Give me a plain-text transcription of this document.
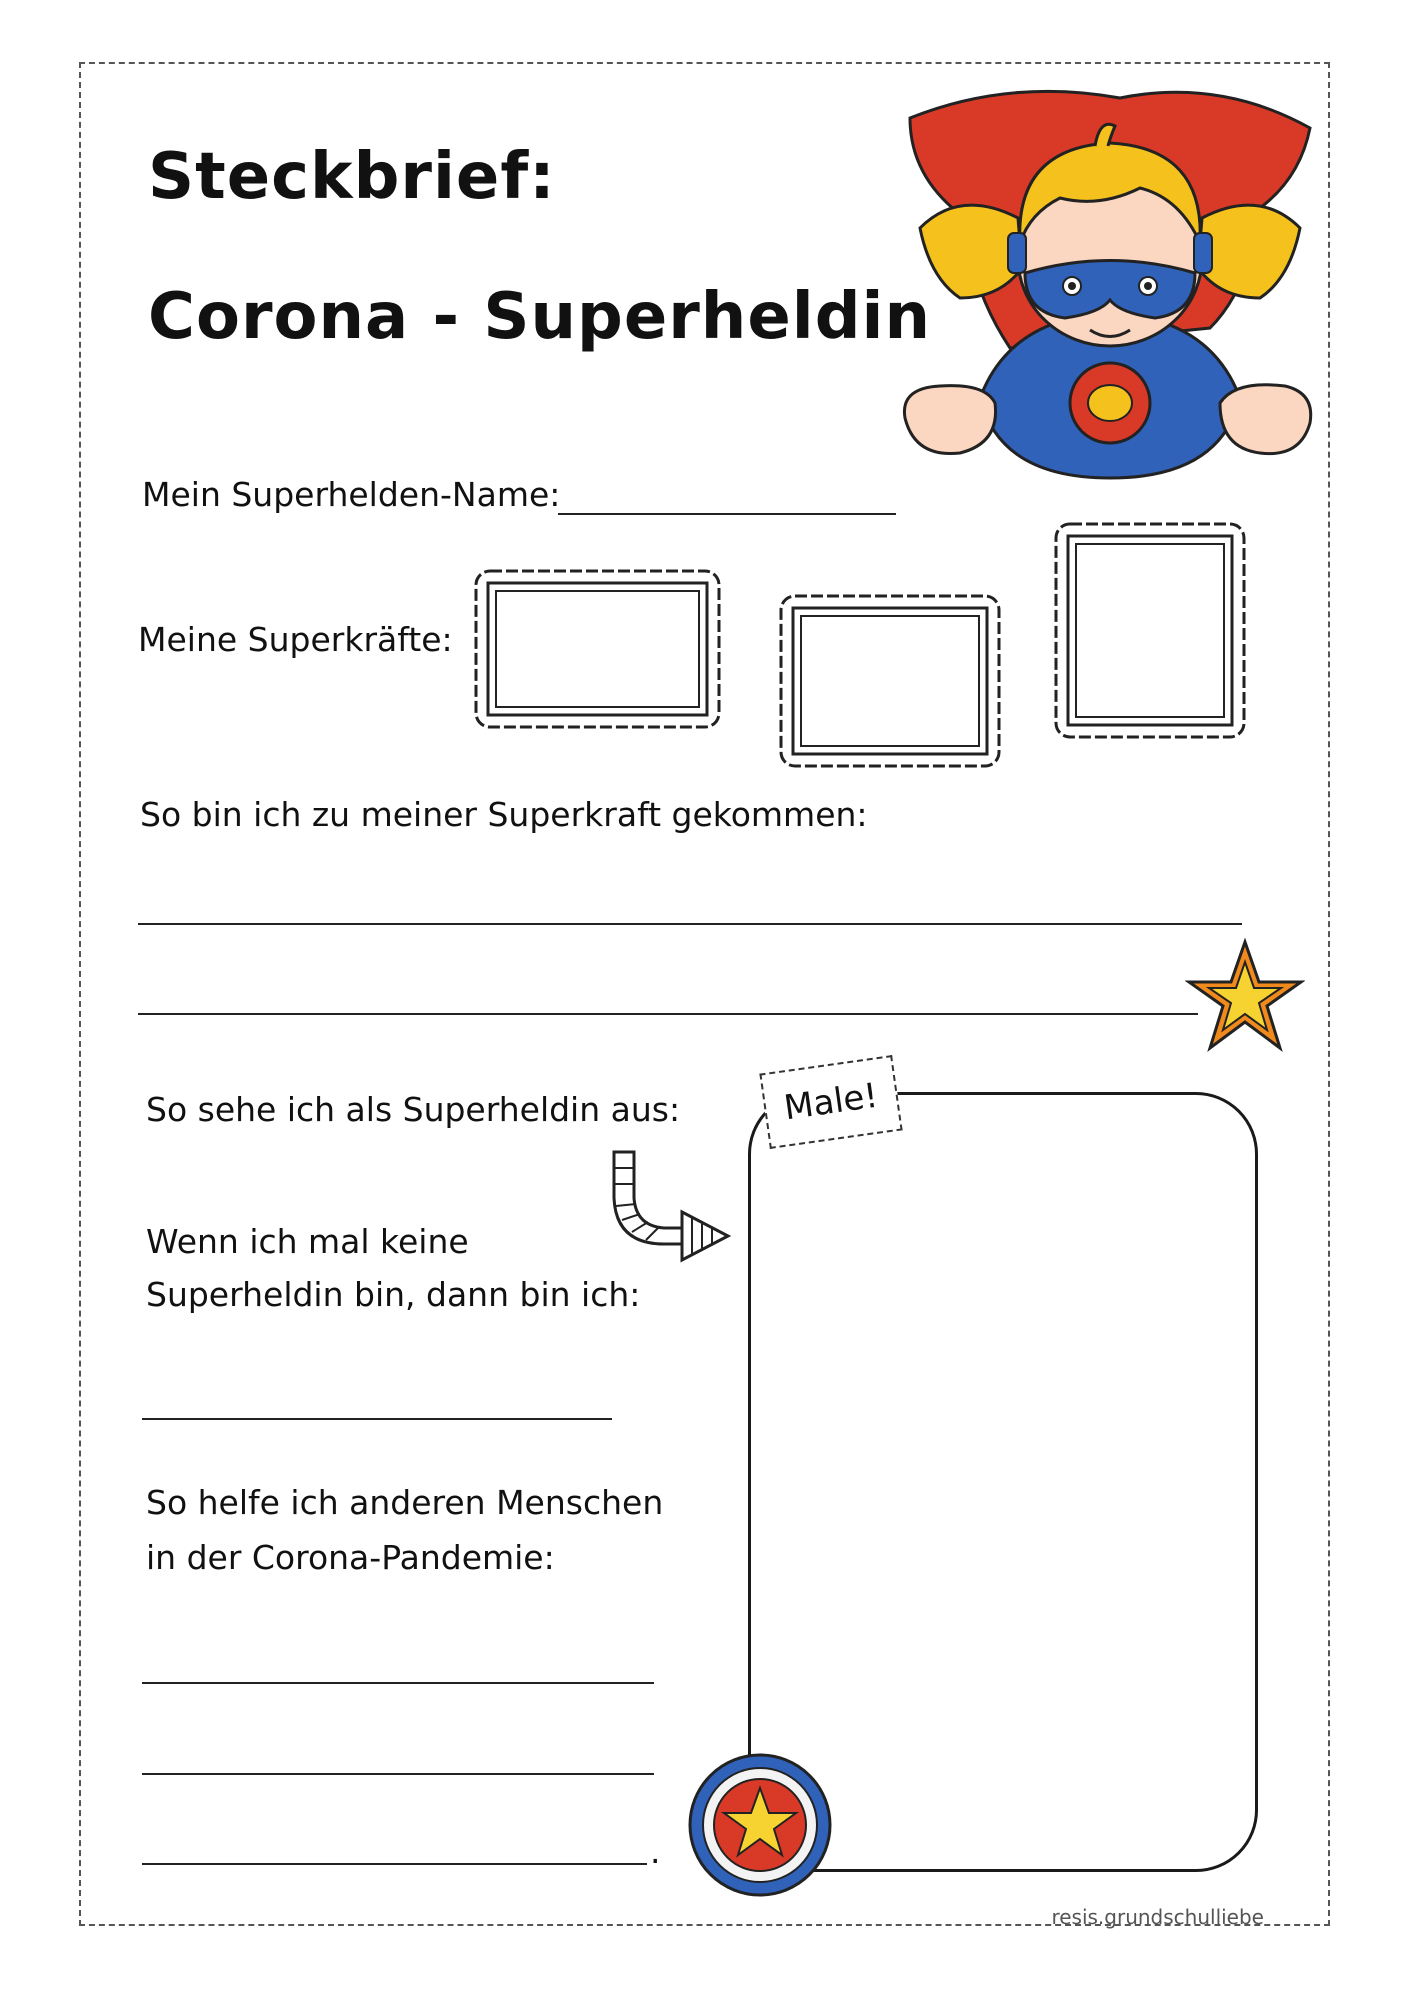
Steckbrief:
Corona - Superheldin
Mein Superhelden-Name:
Meine Superkräfte:
So bin ich zu meiner Superkraft gekommen:
So sehe ich als Superheldin aus:
Wenn ich mal keine
Superheldin bin, dann bin ich:
So helfe ich anderen Menschen
in der Corona-Pandemie:
.
Male!
resis.grundschulliebe
